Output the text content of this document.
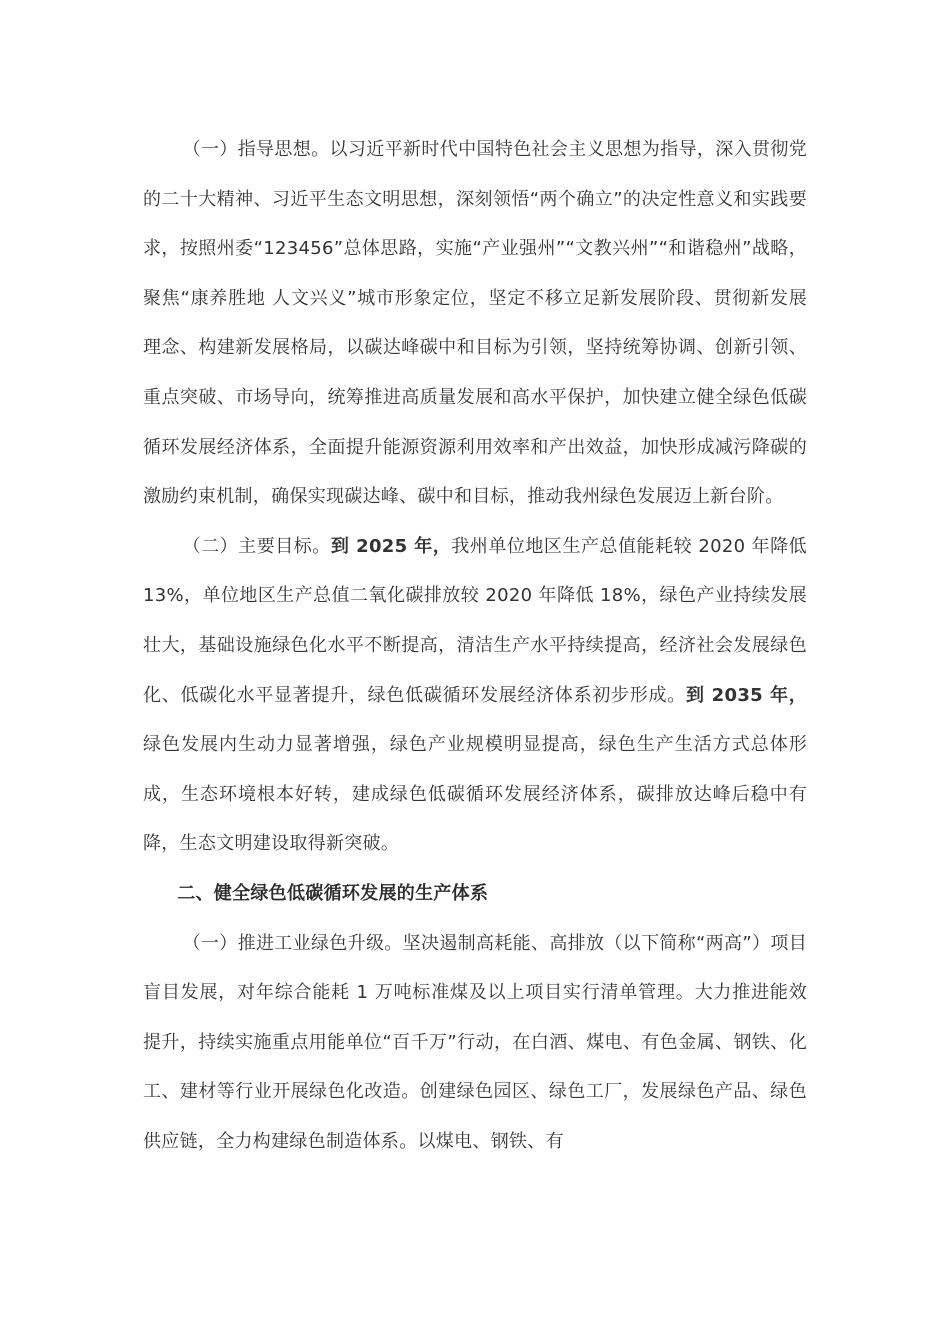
（一）指导思想。以习近平新时代中国特色社会主义思想为指导，深入贯彻党的二十大精神、习近平生态文明思想，深刻领悟“两个确立”的决定性意义和实践要求，按照州委“123456”总体思路，实施“产业强州”“文教兴州”“和谐稳州”战略，聚焦“康养胜地 人文兴义”城市形象定位，坚定不移立足新发展阶段、贯彻新发展理念、构建新发展格局，以碳达峰碳中和目标为引领，坚持统筹协调、创新引领、重点突破、市场导向，统筹推进高质量发展和高水平保护，加快建立健全绿色低碳循环发展经济体系，全面提升能源资源利用效率和产出效益，加快形成减污降碳的激励约束机制，确保实现碳达峰、碳中和目标，推动我州绿色发展迈上新台阶。

（二）主要目标。到 2025 年，我州单位地区生产总值能耗较 2020 年降低 13%，单位地区生产总值二氧化碳排放较 2020 年降低 18%，绿色产业持续发展壮大，基础设施绿色化水平不断提高，清洁生产水平持续提高，经济社会发展绿色化、低碳化水平显著提升，绿色低碳循环发展经济体系初步形成。到 2035 年，绿色发展内生动力显著增强，绿色产业规模明显提高，绿色生产生活方式总体形成，生态环境根本好转，建成绿色低碳循环发展经济体系，碳排放达峰后稳中有降，生态文明建设取得新突破。

二、健全绿色低碳循环发展的生产体系

（一）推进工业绿色升级。坚决遏制高耗能、高排放（以下简称“两高”）项目盲目发展，对年综合能耗 1 万吨标准煤及以上项目实行清单管理。大力推进能效提升，持续实施重点用能单位“百千万”行动，在白酒、煤电、有色金属、钢铁、化工、建材等行业开展绿色化改造。创建绿色园区、绿色工厂，发展绿色产品、绿色供应链，全力构建绿色制造体系。以煤电、钢铁、有
